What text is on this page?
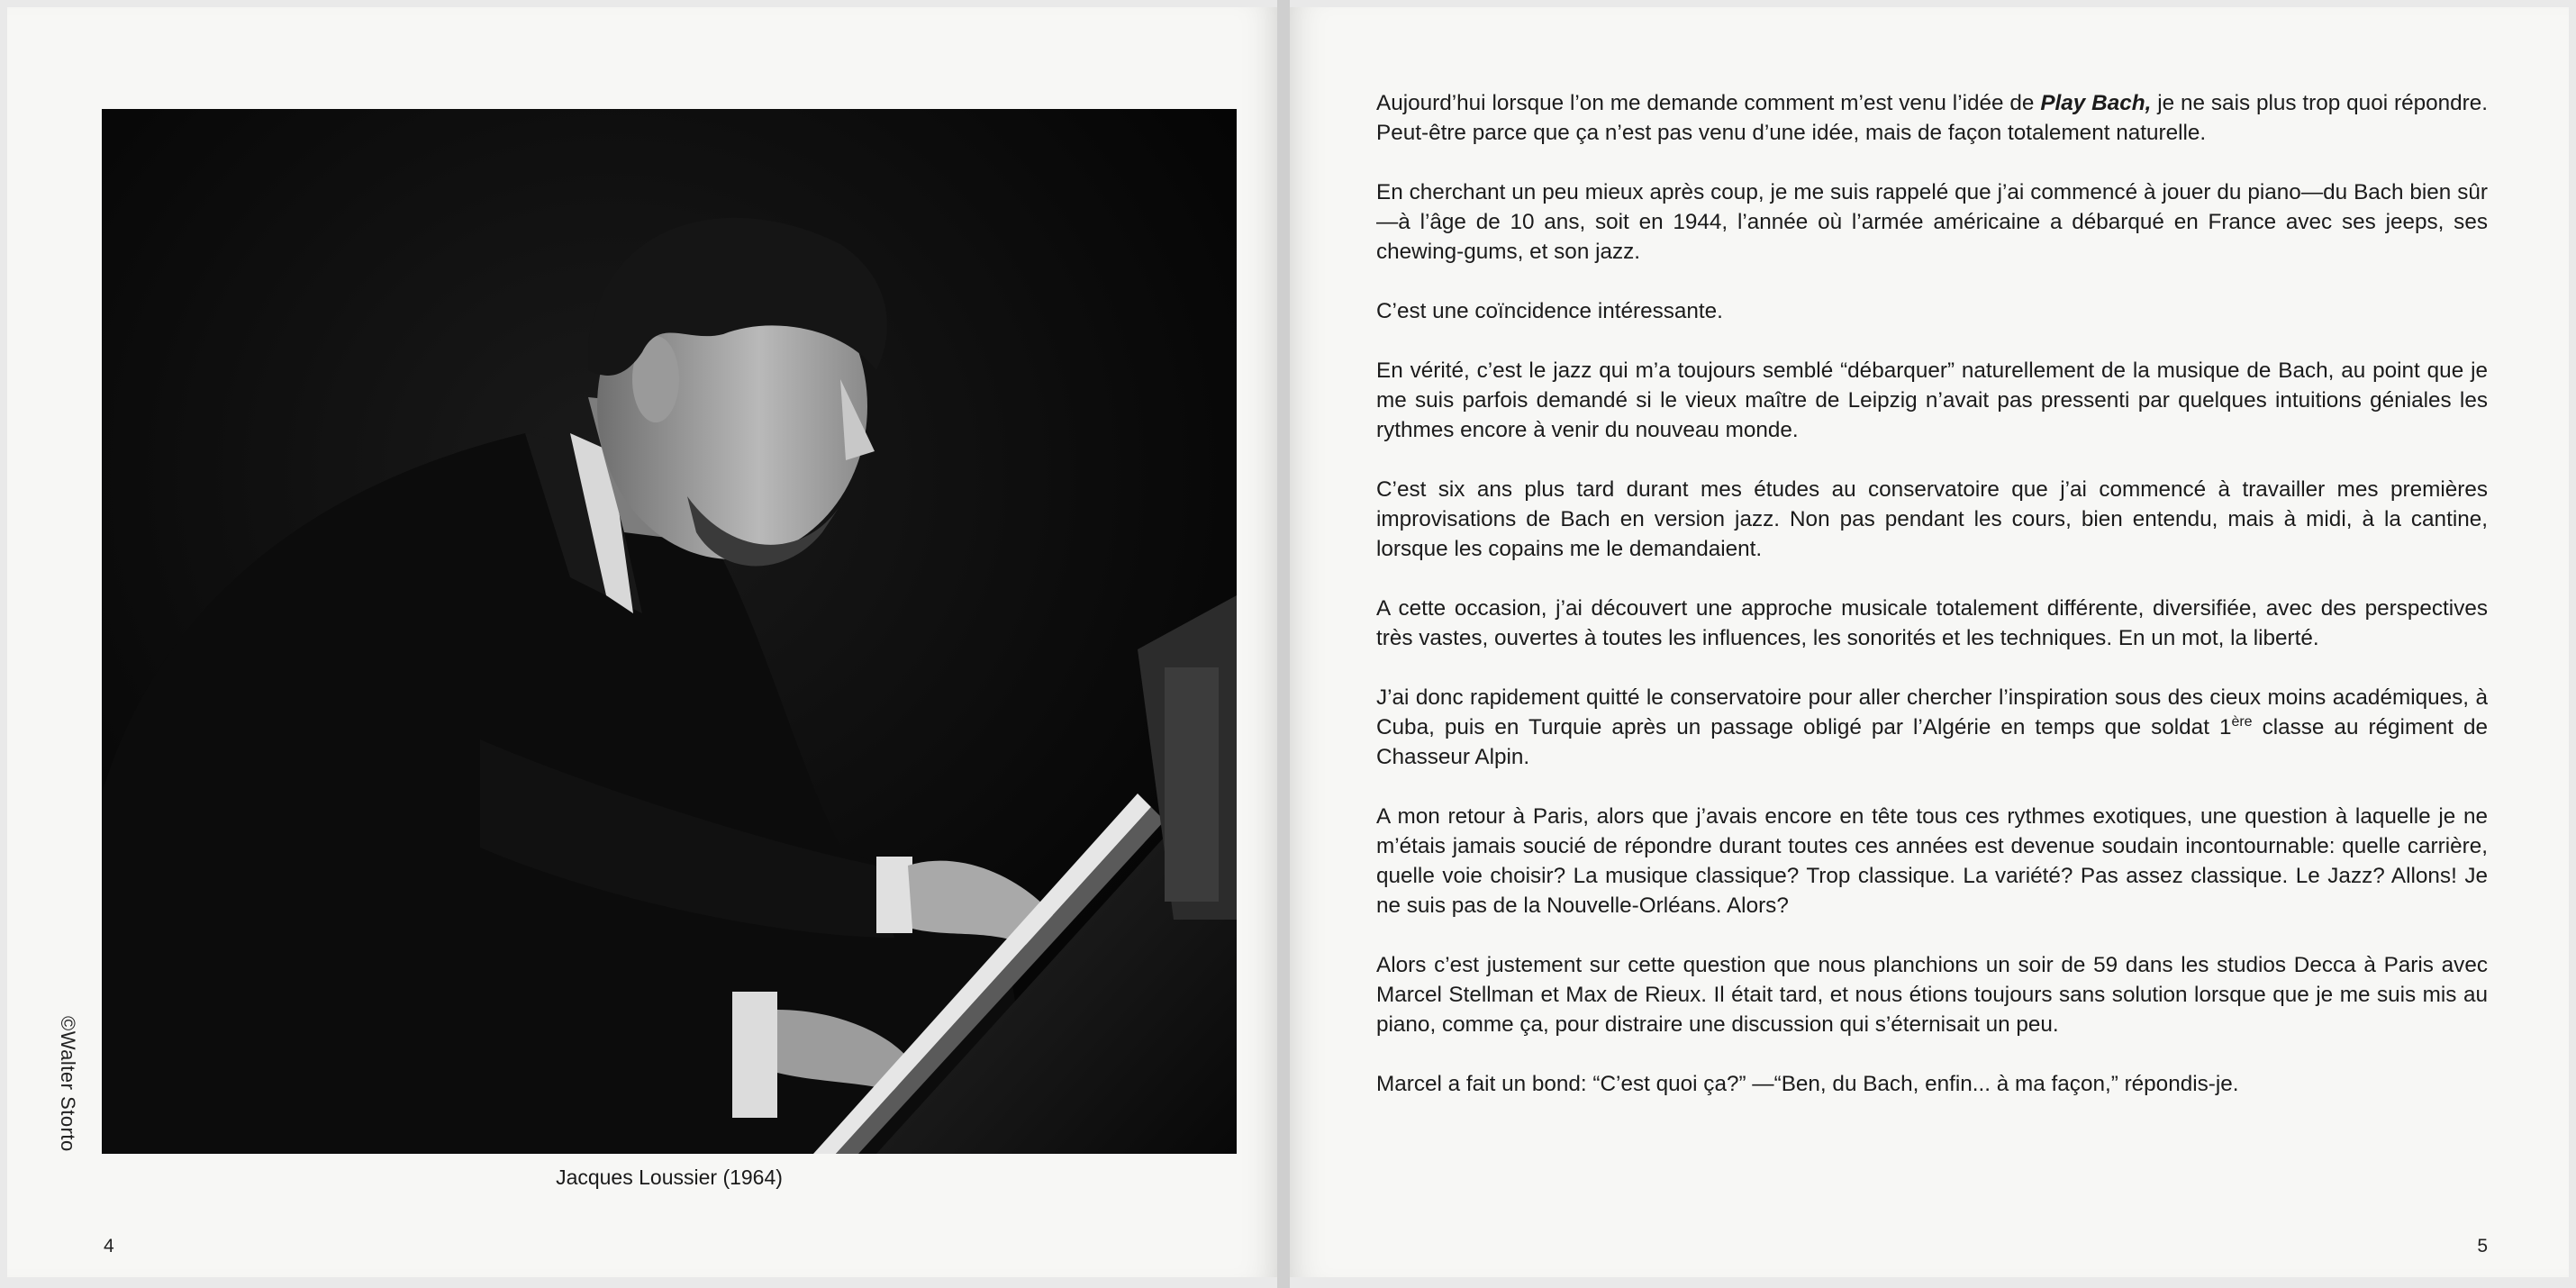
©Walter Storto
Jacques Loussier (1964)
4

Aujourd’hui lorsque l’on me demande comment m’est venu l’idée de Play Bach, je ne sais plus trop quoi répondre. Peut-être parce que ça n’est pas venu d’une idée, mais de façon totalement naturelle.

En cherchant un peu mieux après coup, je me suis rappelé que j’ai commencé à jouer du piano—du Bach bien sûr—à l’âge de 10 ans, soit en 1944, l’année où l’armée américaine a débarqué en France avec ses jeeps, ses chewing-gums, et son jazz.

C’est une coïncidence intéressante.

En vérité, c’est le jazz qui m’a toujours semblé “débarquer” naturellement de la musique de Bach, au point que je me suis parfois demandé si le vieux maître de Leipzig n’avait pas pressenti par quelques intuitions géniales les rythmes encore à venir du nouveau monde.

C’est six ans plus tard durant mes études au conservatoire que j’ai commencé à travailler mes premières improvisations de Bach en version jazz. Non pas pendant les cours, bien entendu, mais à midi, à la cantine, lorsque les copains me le demandaient.

A cette occasion, j’ai découvert une approche musicale totalement différente, diversifiée, avec des perspectives très vastes, ouvertes à toutes les influences, les sonorités et les techniques. En un mot, la liberté.

J’ai donc rapidement quitté le conservatoire pour aller chercher l’inspiration sous des cieux moins académiques, à Cuba, puis en Turquie après un passage obligé par l’Algérie en temps que soldat 1ère classe au régiment de Chasseur Alpin.

A mon retour à Paris, alors que j’avais encore en tête tous ces rythmes exotiques, une question à laquelle je ne m’étais jamais soucié de répondre durant toutes ces années est devenue soudain incontournable: quelle carrière, quelle voie choisir? La musique classique? Trop classique. La variété? Pas assez classique. Le Jazz? Allons! Je ne suis pas de la Nouvelle-Orléans. Alors?

Alors c’est justement sur cette question que nous planchions un soir de 59 dans les studios Decca à Paris avec Marcel Stellman et Max de Rieux. Il était tard, et nous étions toujours sans solution lorsque que je me suis mis au piano, comme ça, pour distraire une discussion qui s’éternisait un peu.

Marcel a fait un bond: “C’est quoi ça?” —“Ben, du Bach, enfin... à ma façon,” répondis-je.

5
